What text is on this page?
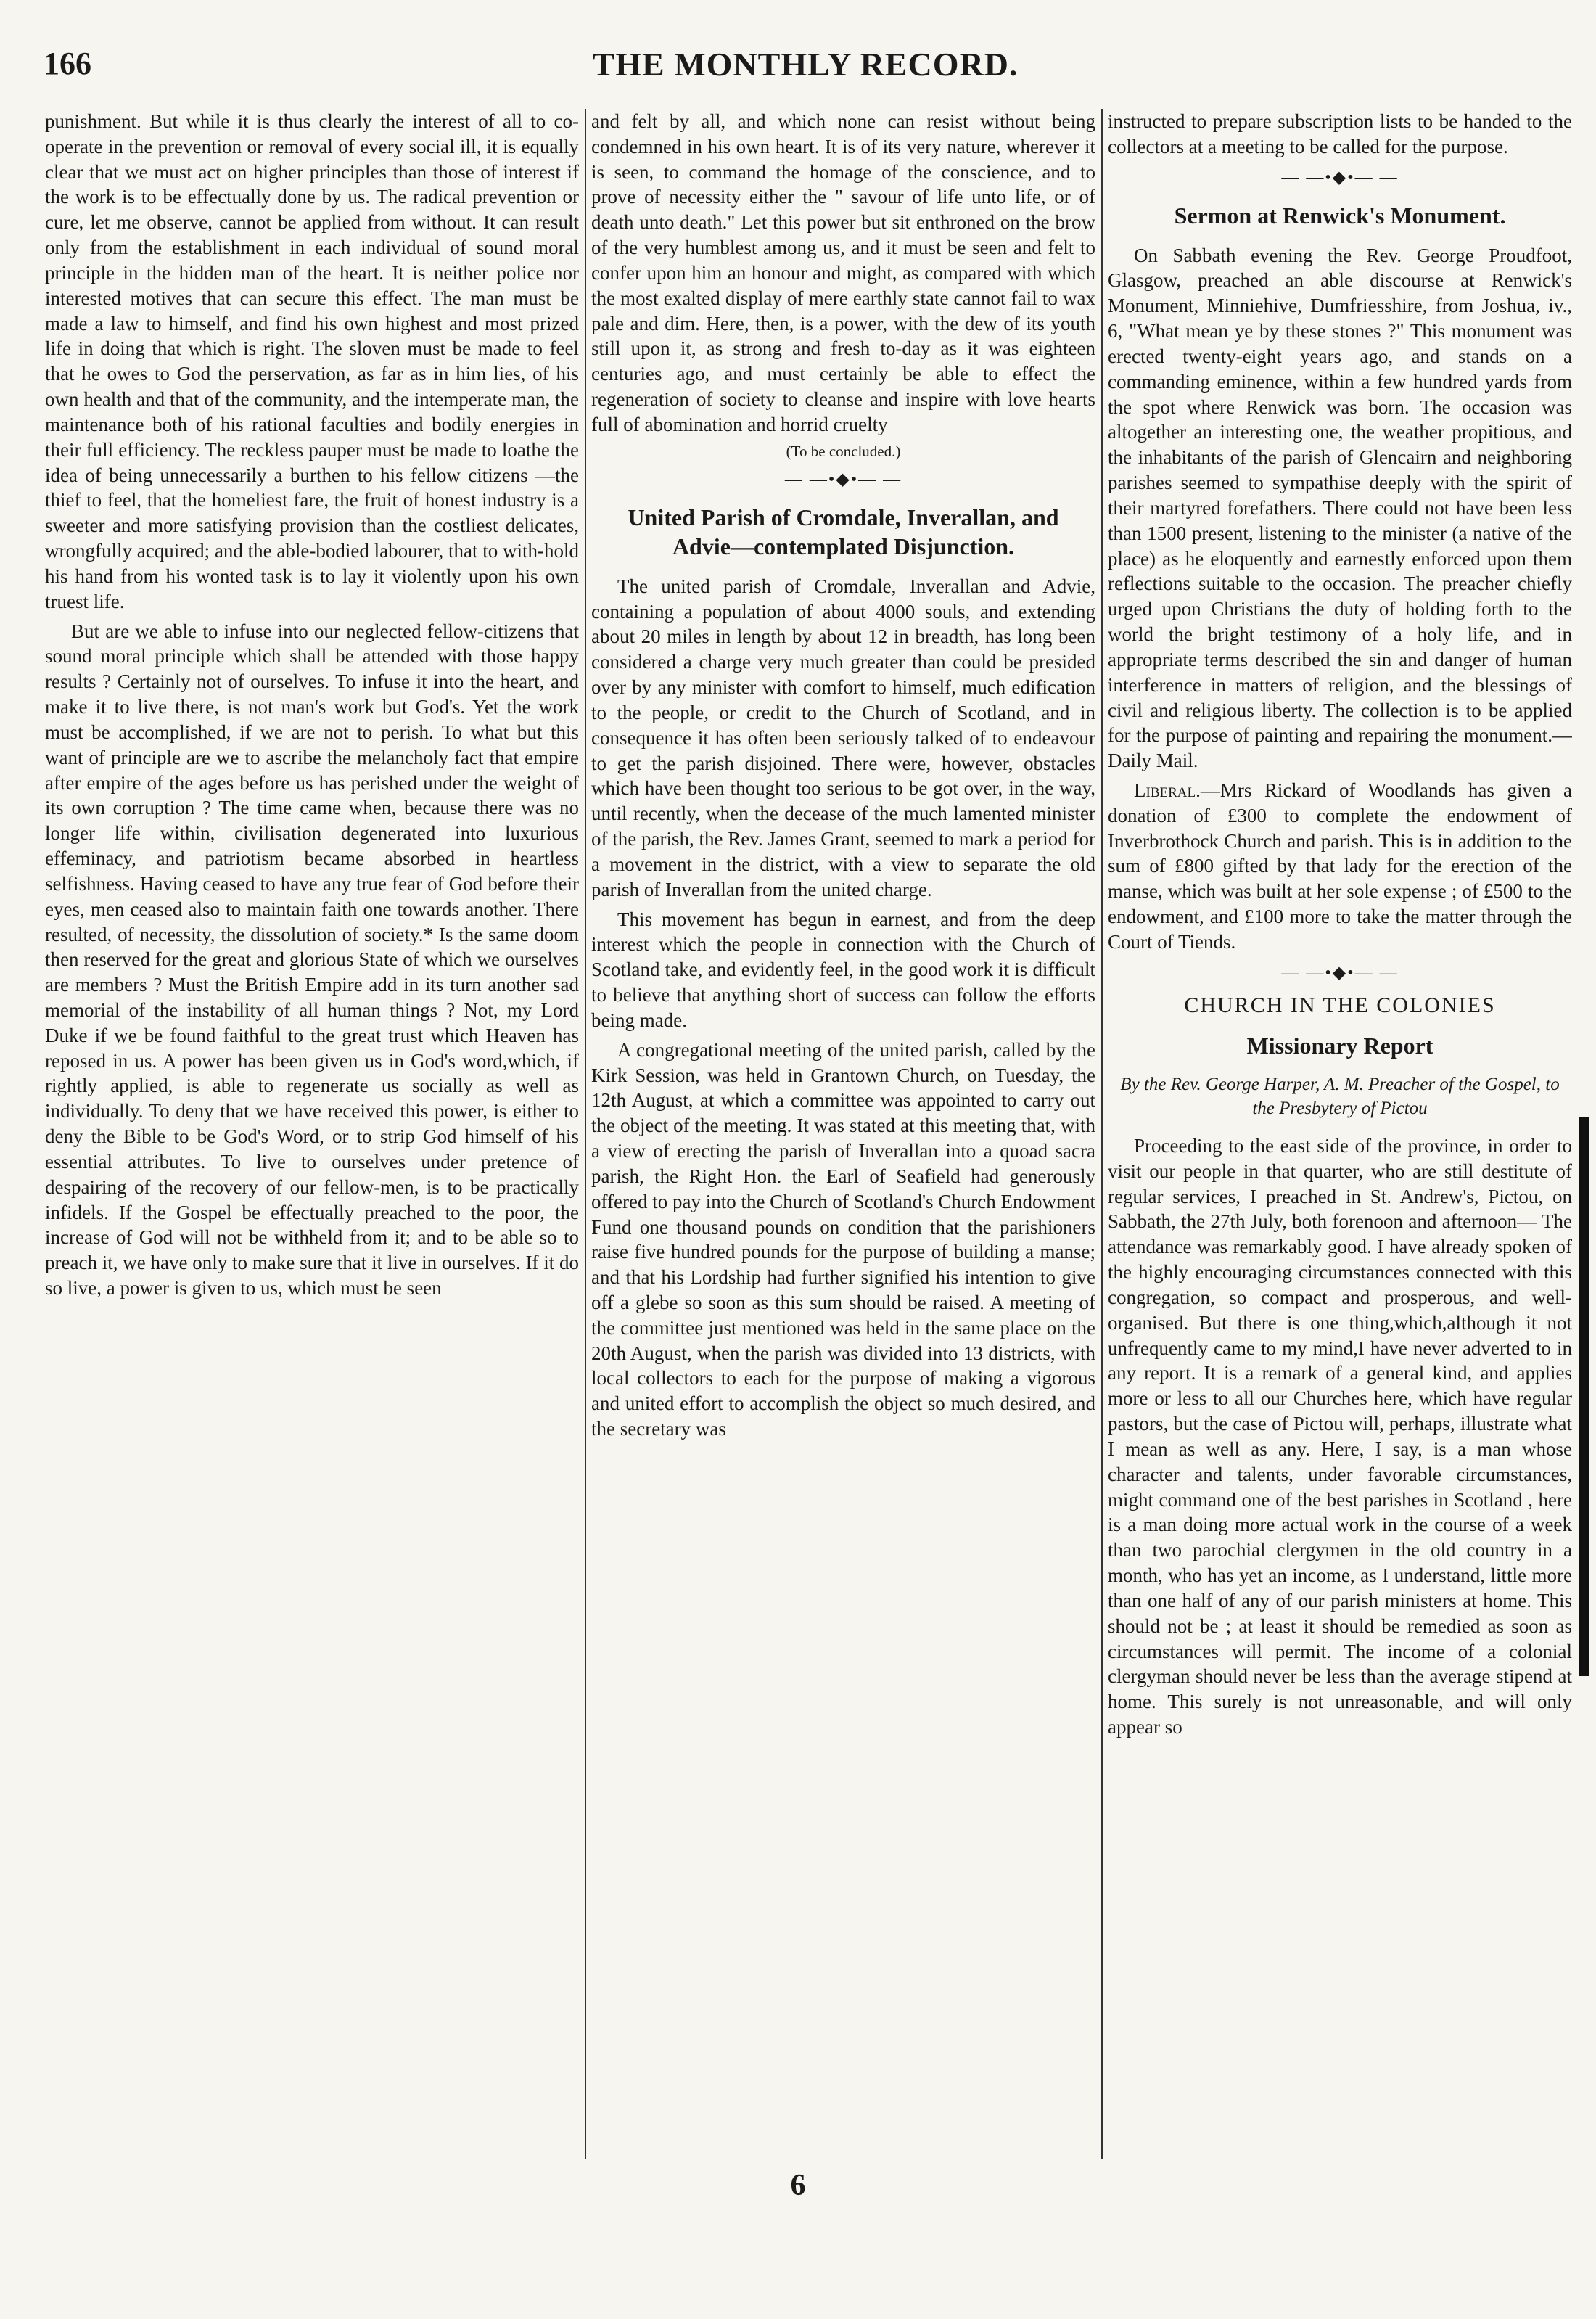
166	THE MONTHLY RECORD.

punishment. But while it is thus clearly the interest of all to co-operate in the prevention or removal of every social ill, it is equally clear that we must act on higher principles than those of interest if the work is to be effectually done by us. The radical prevention or cure, let me observe, cannot be applied from without. It can result only from the establishment in each individual of sound moral principle in the hidden man of the heart. It is neither police nor interested motives that can secure this effect. The man must be made a law to himself, and find his own highest and most prized life in doing that which is right. The sloven must be made to feel that he owes to God the perservation, as far as in him lies, of his own health and that of the community, and the intemperate man, the maintenance both of his rational faculties and bodily energies in their full efficiency. The reckless pauper must be made to loathe the idea of being unnecessarily a burthen to his fellow citizens —the thief to feel, that the homeliest fare, the fruit of honest industry is a sweeter and more satisfying provision than the costliest delicates, wrongfully acquired; and the able-bodied labourer, that to with-hold his hand from his wonted task is to lay it violently upon his own truest life.

But are we able to infuse into our neglected fellow-citizens that sound moral principle which shall be attended with those happy results ? Certainly not of ourselves. To infuse it into the heart, and make it to live there, is not man's work but God's. Yet the work must be accomplished, if we are not to perish. To what but this want of principle are we to ascribe the melancholy fact that empire after empire of the ages before us has perished under the weight of its own corruption ? The time came when, because there was no longer life within, civilisation degenerated into luxurious effeminacy, and patriotism became absorbed in heartless selfishness. Having ceased to have any true fear of God before their eyes, men ceased also to maintain faith one towards another. There resulted, of necessity, the dissolution of society.* Is the same doom then reserved for the great and glorious State of which we ourselves are members ? Must the British Empire add in its turn another sad memorial of the instability of all human things ? Not, my Lord Duke if we be found faithful to the great trust which Heaven has reposed in us. A power has been given us in God's word,which, if rightly applied, is able to regenerate us socially as well as individually. To deny that we have received this power, is either to deny the Bible to be God's Word, or to strip God himself of his essential attributes. To live to ourselves under pretence of despairing of the recovery of our fellow-men, is to be practically infidels. If the Gospel be effectually preached to the poor, the increase of God will not be withheld from it; and to be able so to preach it, we have only to make sure that it live in ourselves. If it do so live, a power is given to us, which must be seen

and felt by all, and which none can resist without being condemned in his own heart. It is of its very nature, wherever it is seen, to command the homage of the conscience, and to prove of necessity either the " savour of life unto life, or of death unto death." Let this power but sit enthroned on the brow of the very humblest among us, and it must be seen and felt to confer upon him an honour and might, as compared with which the most exalted display of mere earthly state cannot fail to wax pale and dim. Here, then, is a power, with the dew of its youth still upon it, as strong and fresh to-day as it was eighteen centuries ago, and must certainly be able to effect the regeneration of society to cleanse and inspire with love hearts full of abomination and horrid cruelty

(To be concluded.)
— —•◆•— —
United Parish of Cromdale, Inverallan, and Advie—contemplated Disjunction.

The united parish of Cromdale, Inverallan and Advie, containing a population of about 4000 souls, and extending about 20 miles in length by about 12 in breadth, has long been considered a charge very much greater than could be presided over by any minister with comfort to himself, much edification to the people, or credit to the Church of Scotland, and in consequence it has often been seriously talked of to endeavour to get the parish disjoined. There were, however, obstacles which have been thought too serious to be got over, in the way, until recently, when the decease of the much lamented minister of the parish, the Rev. James Grant, seemed to mark a period for a movement in the district, with a view to separate the old parish of Inverallan from the united charge.

This movement has begun in earnest, and from the deep interest which the people in connection with the Church of Scotland take, and evidently feel, in the good work it is difficult to believe that anything short of success can follow the efforts being made.

A congregational meeting of the united parish, called by the Kirk Session, was held in Grantown Church, on Tuesday, the 12th August, at which a committee was appointed to carry out the object of the meeting. It was stated at this meeting that, with a view of erecting the parish of Inverallan into a quoad sacra parish, the Right Hon. the Earl of Seafield had generously offered to pay into the Church of Scotland's Church Endowment Fund one thousand pounds on condition that the parishioners raise five hundred pounds for the purpose of building a manse; and that his Lordship had further signified his intention to give off a glebe so soon as this sum should be raised. A meeting of the committee just mentioned was held in the same place on the 20th August, when the parish was divided into 13 districts, with local collectors to each for the purpose of making a vigorous and united effort to accomplish the object so much desired, and the secretary was

instructed to prepare subscription lists to be handed to the collectors at a meeting to be called for the purpose.

— —•◆•— —
Sermon at Renwick's Monument.

On Sabbath evening the Rev. George Proudfoot, Glasgow, preached an able discourse at Renwick's Monument, Minniehive, Dumfriesshire, from Joshua, iv., 6, "What mean ye by these stones ?" This monument was erected twenty-eight years ago, and stands on a commanding eminence, within a few hundred yards from the spot where Renwick was born. The occasion was altogether an interesting one, the weather propitious, and the inhabitants of the parish of Glencairn and neighboring parishes seemed to sympathise deeply with the spirit of their martyred forefathers. There could not have been less than 1500 present, listening to the minister (a native of the place) as he eloquently and earnestly enforced upon them reflections suitable to the occasion. The preacher chiefly urged upon Christians the duty of holding forth to the world the bright testimony of a holy life, and in appropriate terms described the sin and danger of human interference in matters of religion, and the blessings of civil and religious liberty. The collection is to be applied for the purpose of painting and repairing the monument.—Daily Mail.

Liberal.—Mrs Rickard of Woodlands has given a donation of £300 to complete the endowment of Inverbrothock Church and parish. This is in addition to the sum of £800 gifted by that lady for the erection of the manse, which was built at her sole expense ; of £500 to the endowment, and £100 more to take the matter through the Court of Tiends.

— —•◆•— —
CHURCH IN THE COLONIES
Missionary Report
By the Rev. George Harper, A. M. Preacher of the Gospel, to the Presbytery of Pictou

Proceeding to the east side of the province, in order to visit our people in that quarter, who are still destitute of regular services, I preached in St. Andrew's, Pictou, on Sabbath, the 27th July, both forenoon and afternoon— The attendance was remarkably good. I have already spoken of the highly encouraging circumstances connected with this congregation, so compact and prosperous, and well-organised. But there is one thing,which,although it not unfrequently came to my mind,I have never adverted to in any report. It is a remark of a general kind, and applies more or less to all our Churches here, which have regular pastors, but the case of Pictou will, perhaps, illustrate what I mean as well as any. Here, I say, is a man whose character and talents, under favorable circumstances, might command one of the best parishes in Scotland , here is a man doing more actual work in the course of a week than two parochial clergymen in the old country in a month, who has yet an income, as I understand, little more than one half of any of our parish ministers at home. This should not be ; at least it should be remedied as soon as circumstances will permit. The income of a colonial clergyman should never be less than the average stipend at home. This surely is not unreasonable, and will only appear so

6
